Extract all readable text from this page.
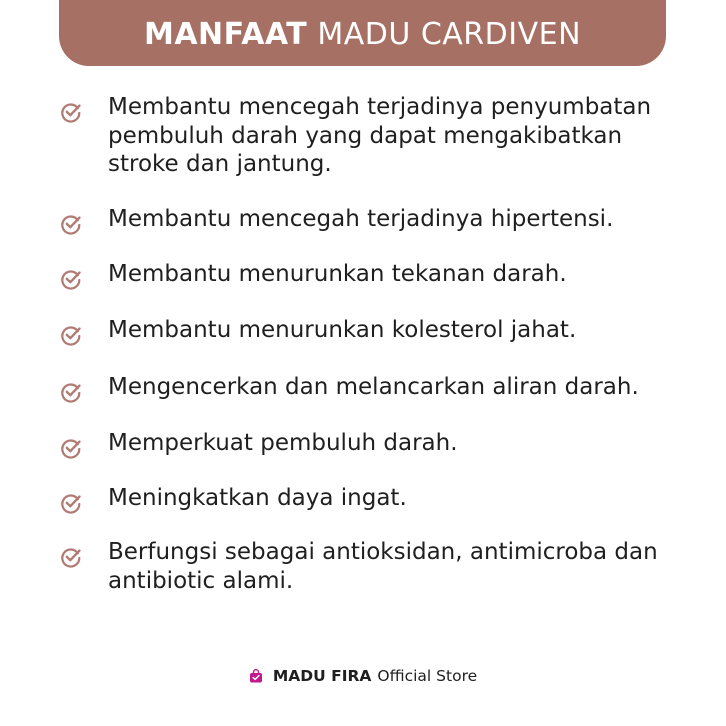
MANFAAT
MADU CARDIVEN
Membantu mencegah terjadinya penyumbatan
pembuluh darah yang dapat mengakibatkan
stroke dan jantung.
Membantu mencegah terjadinya hipertensi.
Membantu menurunkan tekanan darah.
Membantu menurunkan kolesterol jahat.
Mengencerkan dan melancarkan aliran darah.
Memperkuat pembuluh darah.
Meningkatkan daya ingat.
Berfungsi sebagai antioksidan, antimicroba dan
antibiotic alami.
MADU FIRA Official Store
